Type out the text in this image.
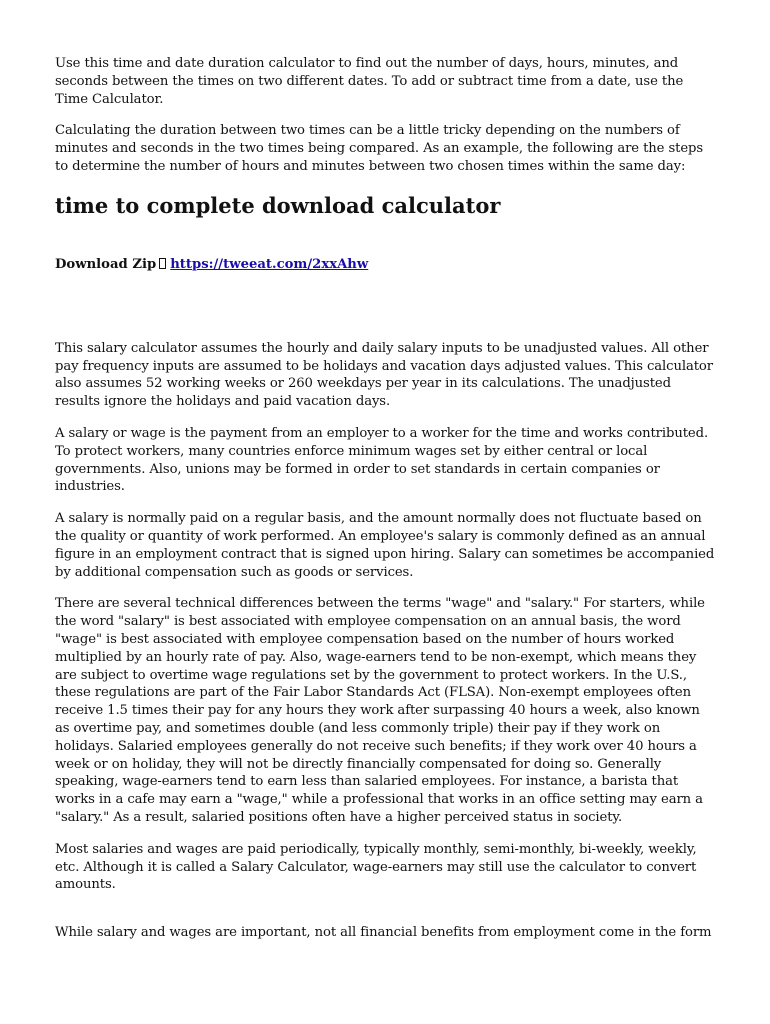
Use this time and date duration calculator to find out the number of days, hours, minutes, and seconds between the times on two different dates. To add or subtract time from a date, use the Time Calculator.

Calculating the duration between two times can be a little tricky depending on the numbers of minutes and seconds in the two times being compared. As an example, the following are the steps to determine the number of hours and minutes between two chosen times within the same day:

time to complete download calculator
Download Zip https://tweeat.com/2xxAhw

This salary calculator assumes the hourly and daily salary inputs to be unadjusted values. All other pay frequency inputs are assumed to be holidays and vacation days adjusted values. This calculator also assumes 52 working weeks or 260 weekdays per year in its calculations. The unadjusted results ignore the holidays and paid vacation days.

A salary or wage is the payment from an employer to a worker for the time and works contributed. To protect workers, many countries enforce minimum wages set by either central or local governments. Also, unions may be formed in order to set standards in certain companies or industries.

A salary is normally paid on a regular basis, and the amount normally does not fluctuate based on the quality or quantity of work performed. An employee's salary is commonly defined as an annual figure in an employment contract that is signed upon hiring. Salary can sometimes be accompanied by additional compensation such as goods or services.

There are several technical differences between the terms "wage" and "salary." For starters, while the word "salary" is best associated with employee compensation on an annual basis, the word "wage" is best associated with employee compensation based on the number of hours worked multiplied by an hourly rate of pay. Also, wage-earners tend to be non-exempt, which means they are subject to overtime wage regulations set by the government to protect workers. In the U.S., these regulations are part of the Fair Labor Standards Act (FLSA). Non-exempt employees often receive 1.5 times their pay for any hours they work after surpassing 40 hours a week, also known as overtime pay, and sometimes double (and less commonly triple) their pay if they work on holidays. Salaried employees generally do not receive such benefits; if they work over 40 hours a week or on holiday, they will not be directly financially compensated for doing so. Generally speaking, wage-earners tend to earn less than salaried employees. For instance, a barista that works in a cafe may earn a "wage," while a professional that works in an office setting may earn a "salary." As a result, salaried positions often have a higher perceived status in society.

Most salaries and wages are paid periodically, typically monthly, semi-monthly, bi-weekly, weekly, etc. Although it is called a Salary Calculator, wage-earners may still use the calculator to convert amounts.

While salary and wages are important, not all financial benefits from employment come in the form
